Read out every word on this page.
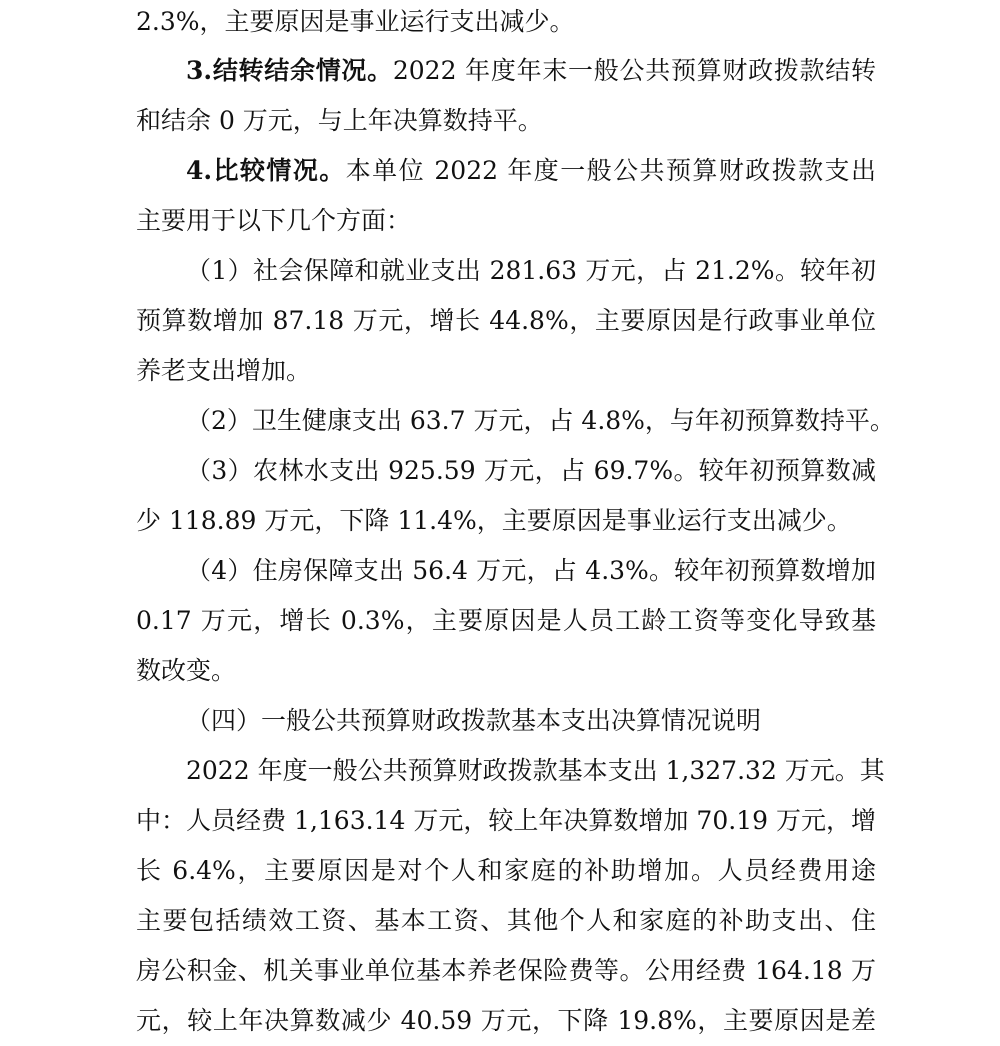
2.3%，主要原因是事业运行支出减少。
3.结转结余情况。2022 年度年末一般公共预算财政拨款结转
和结余 0 万元，与上年决算数持平。
4.比较情况。本单位 2022 年度一般公共预算财政拨款支出
主要用于以下几个方面：
（1）社会保障和就业支出 281.63 万元，占 21.2%。较年初
预算数增加 87.18 万元，增长 44.8%，主要原因是行政事业单位
养老支出增加。
（2）卫生健康支出 63.7 万元，占 4.8%，与年初预算数持平。
（3）农林水支出 925.59 万元，占 69.7%。较年初预算数减
少 118.89 万元，下降 11.4%，主要原因是事业运行支出减少。
（4）住房保障支出 56.4 万元，占 4.3%。较年初预算数增加
0.17 万元，增长 0.3%，主要原因是人员工龄工资等变化导致基
数改变。
（四）一般公共预算财政拨款基本支出决算情况说明
2022 年度一般公共预算财政拨款基本支出 1,327.32 万元。其
中：人员经费 1,163.14 万元，较上年决算数增加 70.19 万元，增
长 6.4%，主要原因是对个人和家庭的补助增加。人员经费用途
主要包括绩效工资、基本工资、其他个人和家庭的补助支出、住
房公积金、机关事业单位基本养老保险费等。公用经费 164.18 万
元，较上年决算数减少 40.59 万元，下降 19.8%，主要原因是差
